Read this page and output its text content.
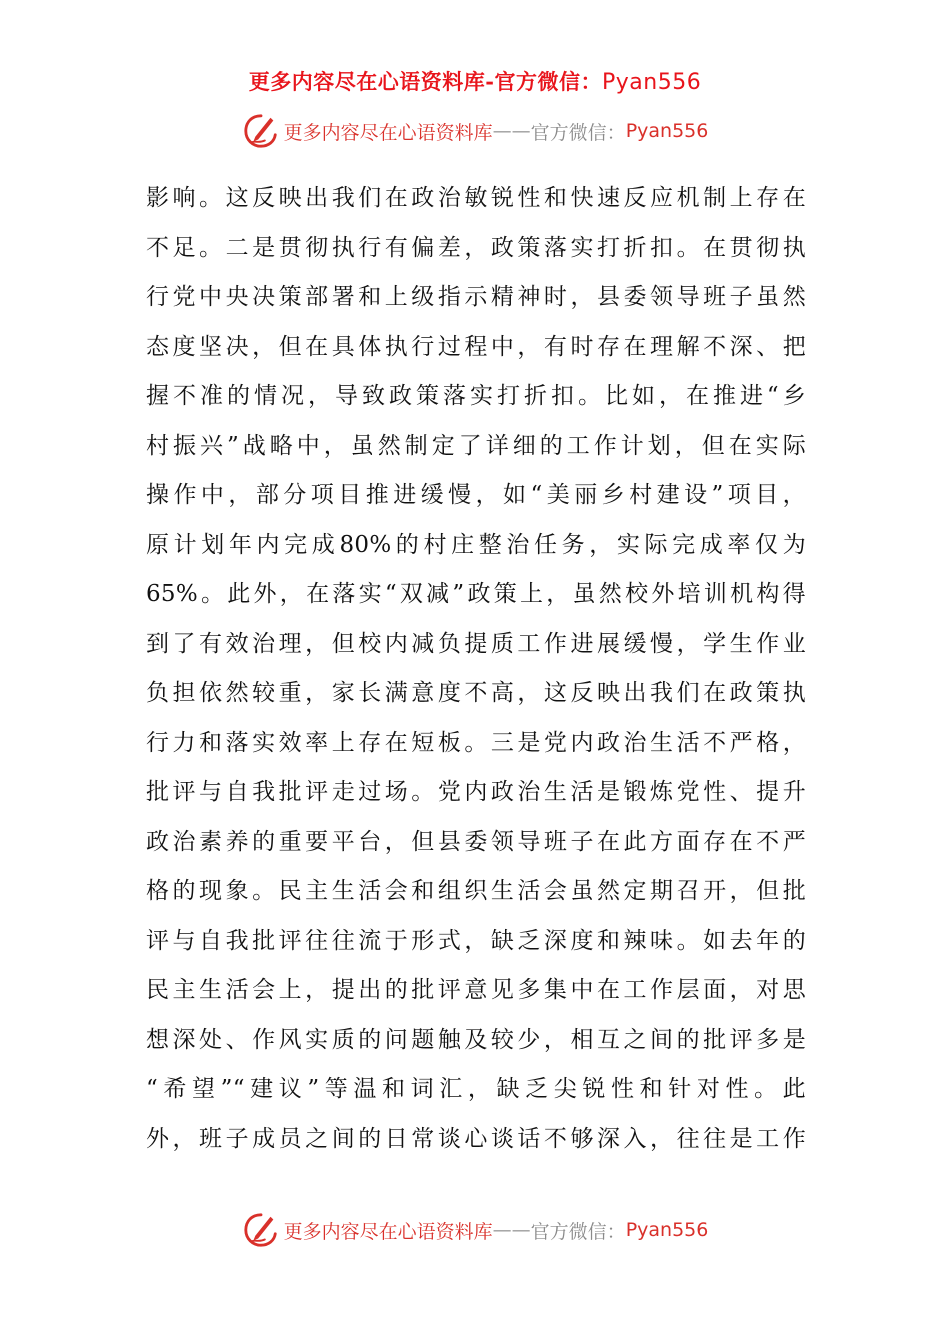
更多内容尽在心语资料库-官方微信：Pyan556
更多内容尽在心语资料库 —— 官方微信： Pyan556
影响。这反映出我们在政治敏锐性和快速反应机制上存在
不足。二是贯彻执行有偏差，政策落实打折扣。在贯彻执
行党中央决策部署和上级指示精神时，县委领导班子虽然
态度坚决，但在具体执行过程中，有时存在理解不深、把
握不准的情况，导致政策落实打折扣。比如，在推进“乡
村振兴”战略中，虽然制定了详细的工作计划，但在实际
操作中，部分项目推进缓慢，如“美丽乡村建设”项目，
原计划年内完成80%的村庄整治任务，实际完成率仅为
65%。此外，在落实“双减”政策上，虽然校外培训机构得
到了有效治理，但校内减负提质工作进展缓慢，学生作业
负担依然较重，家长满意度不高，这反映出我们在政策执
行力和落实效率上存在短板。三是党内政治生活不严格，
批评与自我批评走过场。党内政治生活是锻炼党性、提升
政治素养的重要平台，但县委领导班子在此方面存在不严
格的现象。民主生活会和组织生活会虽然定期召开，但批
评与自我批评往往流于形式，缺乏深度和辣味。如去年的
民主生活会上，提出的批评意见多集中在工作层面，对思
想深处、作风实质的问题触及较少，相互之间的批评多是
“希望”“建议”等温和词汇，缺乏尖锐性和针对性。此
外，班子成员之间的日常谈心谈话不够深入，往往是工作
更多内容尽在心语资料库 —— 官方微信： Pyan556
